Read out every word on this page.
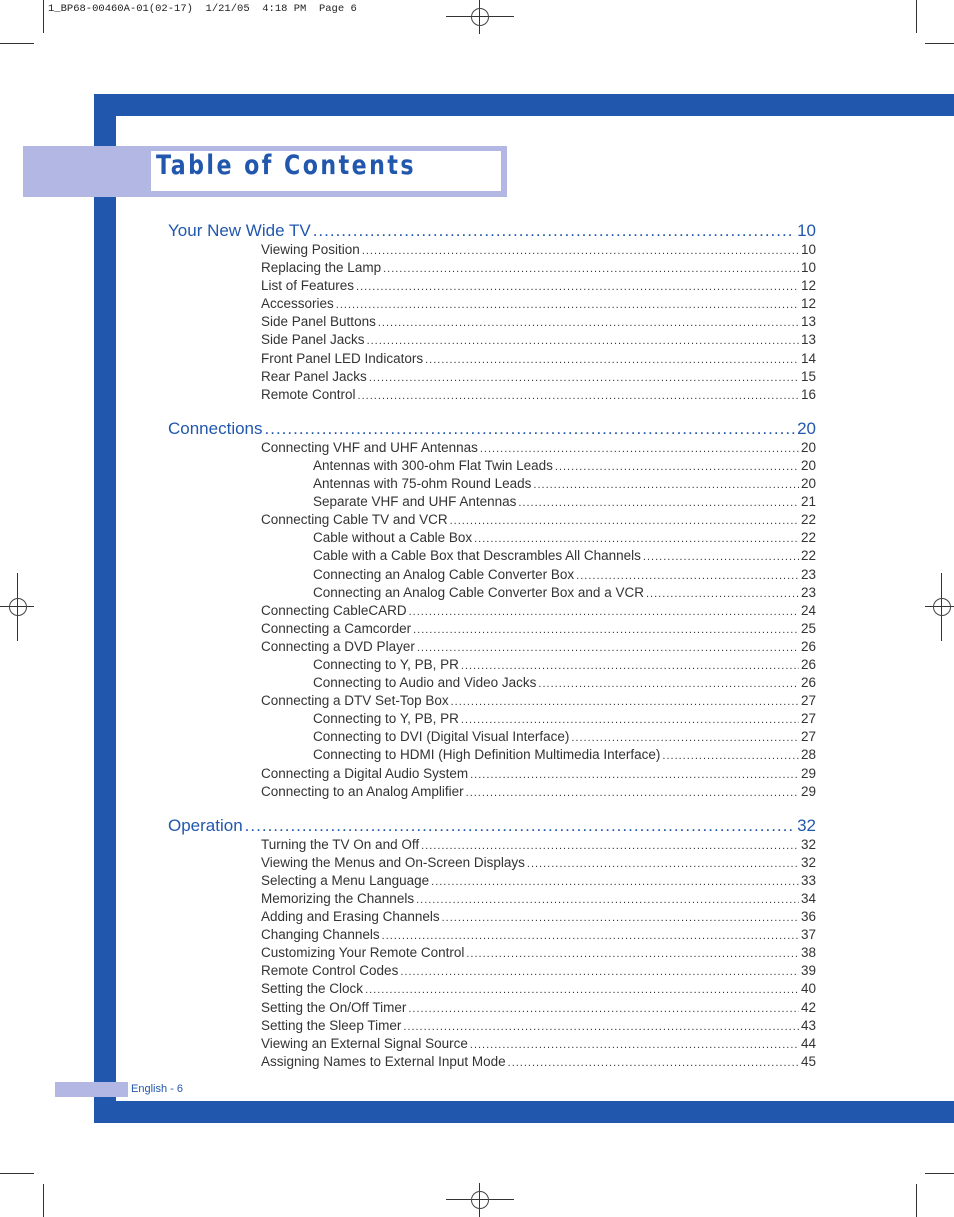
1_BP68-00460A-01(02-17)  1/21/05  4:18 PM  Page 6
Table of Contents
Your New Wide TV .....	10
Viewing Position .....	10
Replacing the Lamp .....	10
List of Features .....	12
Accessories .....	12
Side Panel Buttons .....	13
Side Panel Jacks .....	13
Front Panel LED Indicators .....	14
Rear Panel Jacks .....	15
Remote Control .....	16
Connections .....	20
Connecting VHF and UHF Antennas .....	20
Antennas with 300-ohm Flat Twin Leads .....	20
Antennas with 75-ohm Round Leads .....	20
Separate VHF and UHF Antennas .....	21
Connecting Cable TV and VCR .....	22
Cable without a Cable Box .....	22
Cable with a Cable Box that Descrambles All Channels .....	22
Connecting an Analog Cable Converter Box .....	23
Connecting an Analog Cable Converter Box and a VCR .....	23
Connecting CableCARD .....	24
Connecting a Camcorder .....	25
Connecting a DVD Player .....	26
Connecting to Y, PB, PR .....	26
Connecting to Audio and Video Jacks .....	26
Connecting a DTV Set-Top Box .....	27
Connecting to Y, PB, PR .....	27
Connecting to DVI (Digital Visual Interface) .....	27
Connecting to HDMI (High Definition Multimedia Interface) .....	28
Connecting a Digital Audio System .....	29
Connecting to an Analog Amplifier .....	29
Operation .....	32
Turning the TV On and Off .....	32
Viewing the Menus and On-Screen Displays .....	32
Selecting a Menu Language .....	33
Memorizing the Channels .....	34
Adding and Erasing Channels .....	36
Changing Channels .....	37
Customizing Your Remote Control .....	38
Remote Control Codes .....	39
Setting the Clock .....	40
Setting the On/Off Timer .....	42
Setting the Sleep Timer .....	43
Viewing an External Signal Source .....	44
Assigning Names to External Input Mode .....	45
English - 6
